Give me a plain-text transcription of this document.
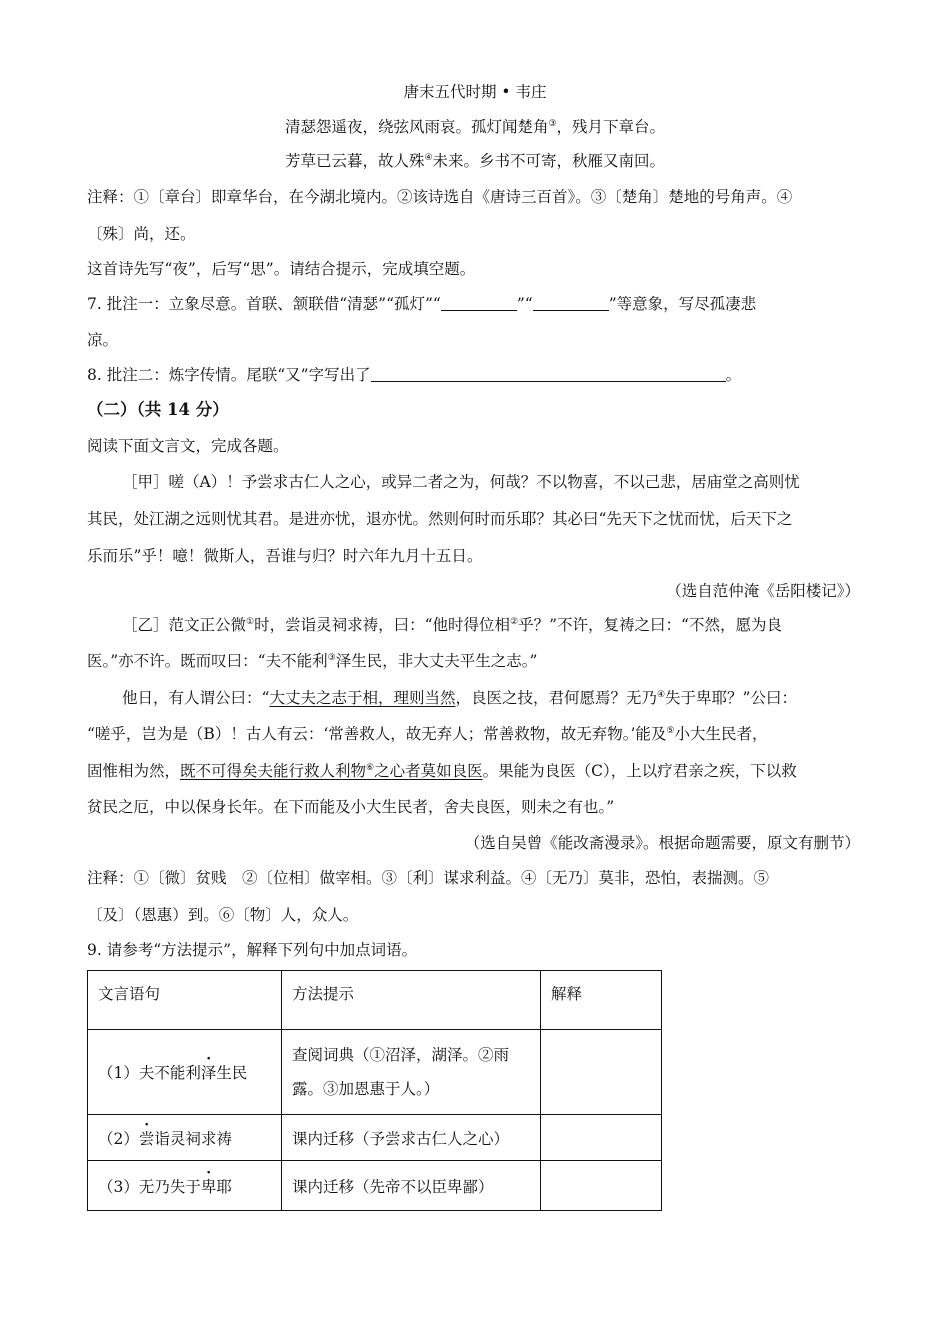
唐末五代时期 • 韦庄
清瑟怨遥夜，绕弦风雨哀。孤灯闻楚角③，残月下章台。
芳草已云暮，故人殊④未来。乡书不可寄，秋雁又南回。
注释：①〔章台〕即章华台，在今湖北境内。②该诗选自《唐诗三百首》。③〔楚角〕楚地的号角声。④
〔殊〕尚，还。
这首诗先写“夜”，后写“思”。请结合提示，完成填空题。
7. 批注一：立象尽意。首联、颔联借“清瑟”“孤灯”“	”“	”等意象，写尽孤凄悲
凉。
8. 批注二：炼字传情。尾联“又”字写出了	。
（二）（共 14 分）
阅读下面文言文，完成各题。
［甲］嗟（A）！予尝求古仁人之心，或异二者之为，何哉？不以物喜，不以己悲，居庙堂之高则忧
其民，处江湖之远则忧其君。是进亦忧，退亦忧。然则何时而乐耶？其必曰“先天下之忧而忧，后天下之
乐而乐”乎！噫！微斯人，吾谁与归？时六年九月十五日。
（选自范仲淹《岳阳楼记》）
［乙］范文正公微①时，尝诣灵祠求祷，曰：“他时得位相②乎？”不许，复祷之曰：“不然，愿为良
医。”亦不许。既而叹曰：“夫不能利③泽生民，非大丈夫平生之志。”
他日，有人谓公曰：“大丈夫之志于相，理则当然，良医之技，君何愿焉？无乃④失于卑耶？”公曰：
“嗟乎，岂为是（B）！古人有云：‘常善救人，故无弃人；常善救物，故无弃物。’能及⑤小大生民者，
固惟相为然，既不可得矣夫能行救人利物⑥之心者莫如良医。果能为良医（C），上以疗君亲之疾，下以救
贫民之厄，中以保身长年。在下而能及小大生民者，舍夫良医，则未之有也。”
（选自吴曾《能改斋漫录》。根据命题需要，原文有删节）
注释：①〔微〕贫贱　②〔位相〕做宰相。③〔利〕谋求利益。④〔无乃〕莫非，恐怕，表揣测。⑤
〔及〕（恩惠）到。⑥〔物〕人，众人。
9. 请参考“方法提示”，解释下列句中加点词语。
文言语句	方法提示	解释
（1）夫不能利泽生民	查阅词典（①沼泽，湖泽。②雨露。③加恩惠于人。）	

（2）尝诣灵祠求祷	课内迁移（予尝求古仁人之心）	
（3）无乃失于卑耶	课内迁移（先帝不以臣卑鄙）	
